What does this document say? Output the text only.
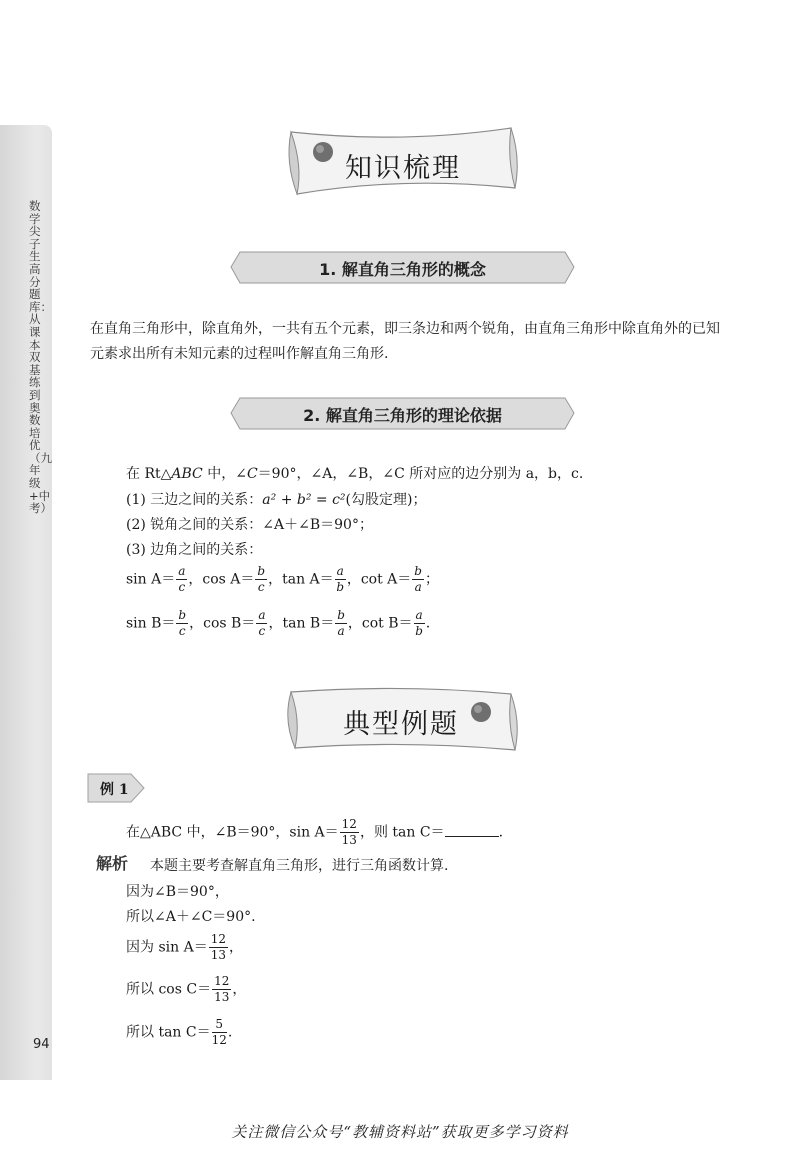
数学尖子生高分题库：从课本双基练到奥数培优（九年级+中考）
94
知识梳理
1. 解直角三角形的概念
在直角三角形中，除直角外，一共有五个元素，即三条边和两个锐角，由直角三角形中除直角外的已知元素求出所有未知元素的过程叫作解直角三角形.
2. 解直角三角形的理论依据
在 Rt△ABC 中，∠C＝90°，∠A，∠B，∠C 所对应的边分别为 a，b，c.
(1) 三边之间的关系：a² + b² = c²(勾股定理)；
(2) 锐角之间的关系：∠A＋∠B＝90°；
(3) 边角之间的关系：
$\sin A= \frac{a}{c}$ ，$\cos A= \frac{b}{c}$ ，$\tan A= \frac{a}{b}$ ，$\cot A= \frac{b}{a}$ ；
$\sin B= \frac{b}{c}$ ，$\cos B= \frac{a}{c}$ ，$\tan B= \frac{b}{a}$ ，$\cot B= \frac{a}{b}$ .
典型例题
例 1
在△ABC 中，∠B＝90°，$\sin A= \frac{12}{13}$ ，则 tan C＝	.
解析 本题主要考查解直角三角形，进行三角函数计算.
因为∠B＝90°，
所以∠A＋∠C＝90°.
因为 $\sin A= \frac{12}{13}$ ，
所以 $\cos C= \frac{12}{13}$ ，
所以 $\tan C= \frac{5}{12}$ .
关注微信公众号“教辅资料站”获取更多学习资料
